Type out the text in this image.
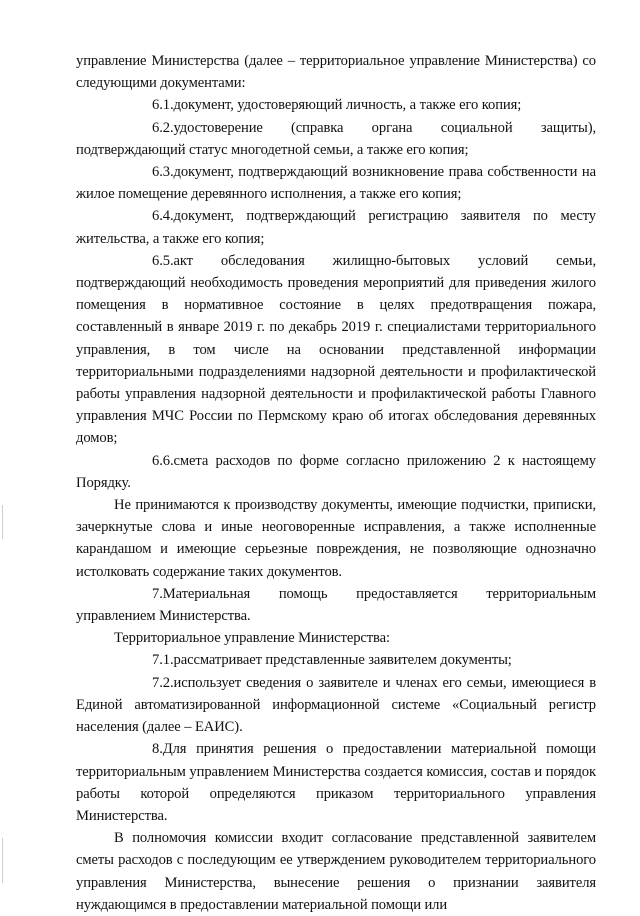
управление Министерства (далее – территориальное управление Министерства) со следующими документами:

6.1.документ, удостоверяющий личность, а также его копия;

6.2.удостоверение (справка органа социальной защиты), подтверждающий статус многодетной семьи, а также его копия;

6.3.документ, подтверждающий возникновение права собственности на жилое помещение деревянного исполнения, а также его копия;

6.4.документ, подтверждающий регистрацию заявителя по месту жительства, а также его копия;

6.5.акт обследования жилищно-бытовых условий семьи, подтверждающий необходимость проведения мероприятий для приведения жилого помещения в нормативное состояние в целях предотвращения пожара, составленный в январе 2019 г. по декабрь 2019 г. специалистами территориального управления, в том числе на основании представленной информации территориальными подразделениями надзорной деятельности и профилактической работы управления надзорной деятельности и профилактической работы Главного управления МЧС России по Пермскому краю об итогах обследования деревянных домов;

6.6.смета расходов по форме согласно приложению 2 к настоящему Порядку.

Не принимаются к производству документы, имеющие подчистки, приписки, зачеркнутые слова и иные неоговоренные исправления, а также исполненные карандашом и имеющие серьезные повреждения, не позволяющие однозначно истолковать содержание таких документов.

7.Материальная помощь предоставляется территориальным управлением Министерства.

Территориальное управление Министерства:

7.1.рассматривает представленные заявителем документы;

7.2.использует сведения о заявителе и членах его семьи, имеющиеся в Единой автоматизированной информационной системе «Социальный регистр населения (далее – ЕАИС).

8.Для принятия решения о предоставлении материальной помощи территориальным управлением Министерства создается комиссия, состав и порядок работы которой определяются приказом территориального управления Министерства.

В полномочия комиссии входит согласование представленной заявителем сметы расходов с последующим ее утверждением руководителем территориального управления Министерства, вынесение решения о признании заявителя нуждающимся в предоставлении материальной помощи или
